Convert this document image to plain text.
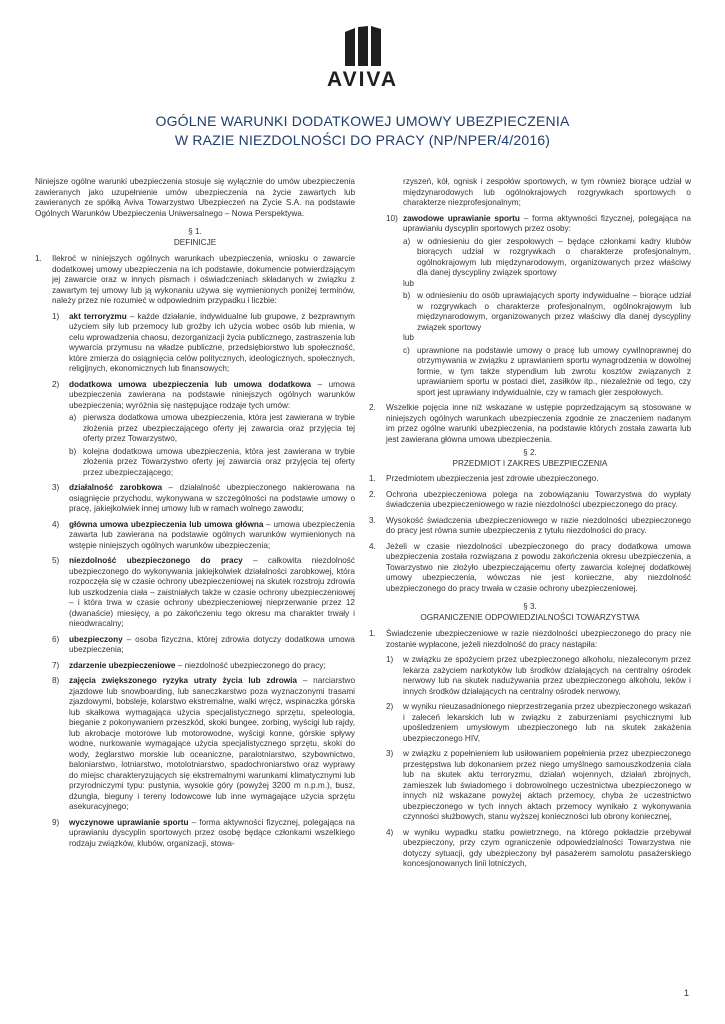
AVIVA
OGÓLNE WARUNKI DODATKOWEJ UMOWY UBEZPIECZENIA
W RAZIE NIEZDOLNOŚCI DO PRACY (NP/NPER/4/2016)

Niniejsze ogólne warunki ubezpieczenia stosuje się wyłącznie do umów ubezpieczenia zawieranych jako uzupełnienie umów ubezpieczenia na życie zawartych lub zawieranych ze spółką Aviva Towarzystwo Ubezpieczeń na Życie S.A. na podstawie Ogólnych Warunków Ubezpieczenia Uniwersalnego – Nowa Perspektywa.

§ 1.
DEFINICJE
1. Ilekroć w niniejszych ogólnych warunkach ubezpieczenia, wniosku o zawarcie dodatkowej umowy ubezpieczenia na ich podstawie, dokumencie potwierdzającym jej zawarcie oraz w innych pismach i oświadczeniach składanych w związku z zawartym tej umowy lub ją wykonaniu używa się wymienionych poniżej terminów, należy przez nie rozumieć w odpowiednim przypadku i liczbie:

1) akt terroryzmu – każde działanie, indywidualne lub grupowe, z bezprawnym użyciem siły lub przemocy lub groźby ich użycia wobec osób lub mienia, w celu wprowadzenia chaosu, dezorganizacji życia publicznego, zastraszenia lub wywarcia przymusu na władze publiczne, przedsiębiorstwo lub społeczność, które zmierza do osiągnięcia celów politycznych, ideologicznych, społecznych, religijnych, ekonomicznych lub finansowych;

2) dodatkowa umowa ubezpieczenia lub umowa dodatkowa – umowa ubezpieczenia zawierana na podstawie niniejszych ogólnych warunków ubezpieczenia; wyróżnia się następujące rodzaje tych umów:

a) pierwsza dodatkowa umowa ubezpieczenia, która jest zawierana w trybie złożenia przez ubezpieczającego oferty jej zawarcia oraz przyjęcia tej oferty przez Towarzystwo,

b) kolejna dodatkowa umowa ubezpieczenia, która jest zawierana w trybie złożenia przez Towarzystwo oferty jej zawarcia oraz przyjęcia tej oferty przez ubezpieczającego;

3) działalność zarobkowa – działalność ubezpieczonego nakierowana na osiągnięcie przychodu, wykonywana w szczególności na podstawie umowy o pracę, jakiejkolwiek innej umowy lub w ramach wolnego zawodu;

4) główna umowa ubezpieczenia lub umowa główna – umowa ubezpieczenia zawarta lub zawierana na podstawie ogólnych warunków wymienionych na wstępie niniejszych ogólnych warunków ubezpieczenia;

5) niezdolność ubezpieczonego do pracy – całkowita niezdolność ubezpieczonego do wykonywania jakiejkolwiek działalności zarobkowej, która rozpoczęła się w czasie ochrony ubezpieczeniowej na skutek rozstroju zdrowia lub uszkodzenia ciała – zaistniałych także w czasie ochrony ubezpieczeniowej – i która trwa w czasie ochrony ubezpieczeniowej nieprzerwanie przez 12 (dwanaście) miesięcy, a po zakończeniu tego okresu ma charakter trwały i nieodwracalny;

6) ubezpieczony – osoba fizyczna, której zdrowia dotyczy dodatkowa umowa ubezpieczenia;

7) zdarzenie ubezpieczeniowe – niezdolność ubezpieczonego do pracy;

8) zajęcia zwiększonego ryzyka utraty życia lub zdrowia – narciarstwo zjazdowe lub snowboarding, lub saneczkarstwo poza wyznaczonymi trasami zjazdowymi, bobsleje, kolarstwo ekstremalne, walki wręcz, wspinaczka górska lub skałkowa wymagająca użycia specjalistycznego sprzętu, speleologia, bieganie z pokonywaniem przeszkód, skoki bungee, zorbing, wyścigi lub rajdy, lub akrobacje motorowe lub motorowodne, wyścigi konne, górskie spływy wodne, nurkowanie wymagające użycia specjalistycznego sprzętu, skoki do wody, żeglarstwo morskie lub oceaniczne, paralotniarstwo, szybownictwo, baloniarstwo, lotniarstwo, motolotniarstwo, spadochroniarstwo oraz wyprawy do miejsc charakteryzujących się ekstremalnymi warunkami klimatycznymi lub przyrodniczymi typu: pustynia, wysokie góry (powyżej 3200 m n.p.m.), busz, dżungla, bieguny i tereny lodowcowe lub inne wymagające użycia sprzętu asekuracyjnego;

9) wyczynowe uprawianie sportu – forma aktywności fizycznej, polegająca na uprawianiu dyscyplin sportowych przez osobę będące członkami wszelkiego rodzaju związków, klubów, organizacji, stowa-

rzyszeń, kół, ognisk i zespołów sportowych, w tym również biorące udział w międzynarodowych lub ogólnokrajowych rozgrywkach sportowych o charakterze niezprofesjonalnym;

10) zawodowe uprawianie sportu – forma aktywności fizycznej, polegająca na uprawianiu dyscyplin sportowych przez osoby:

a) w odniesieniu do gier zespołowych – będące członkami kadry klubów biorących udział w rozgrywkach o charakterze profesjonalnym, ogólnokrajowym lub międzynarodowym, organizowanych przez właściwy dla danej dyscypliny związek sportowy

lub
b) w odniesieniu do osób uprawiających sporty indywidualne – biorące udział w rozgrywkach o charakterze profesjonalnym, ogólnokrajowym lub międzynarodowym, organizowanych przez właściwy dla danej dyscypliny związek sportowy

lub
c) uprawnione na podstawie umowy o pracę lub umowy cywilnoprawnej do otrzymywania w związku z uprawianiem sportu wynagrodzenia w dowolnej formie, w tym także stypendium lub zwrotu kosztów związanych z uprawianiem sportu w postaci diet, zasiłków itp., niezależnie od tego, czy sport jest uprawiany indywidualnie, czy w ramach gier zespołowych.

2. Wszelkie pojęcia inne niż wskazane w ustępie poprzedzającym są stosowane w niniejszych ogólnych warunkach ubezpieczenia zgodnie ze znaczeniem nadanym im przez ogólne warunki ubezpieczenia, na podstawie których została zawarta lub jest zawierana główna umowa ubezpieczenia.

§ 2.
PRZEDMIOT I ZAKRES UBEZPIECZENIA
1. Przedmiotem ubezpieczenia jest zdrowie ubezpieczonego.

2. Ochrona ubezpieczeniowa polega na zobowiązaniu Towarzystwa do wypłaty świadczenia ubezpieczeniowego w razie niezdolności ubezpieczonego do pracy.

3. Wysokość świadczenia ubezpieczeniowego w razie niezdolności ubezpieczonego do pracy jest równa sumie ubezpieczenia z tytułu niezdolności do pracy.

4. Jeżeli w czasie niezdolności ubezpieczonego do pracy dodatkowa umowa ubezpieczenia została rozwiązana z powodu zakończenia okresu ubezpieczenia, a Towarzystwo nie złożyło ubezpieczającemu oferty zawarcia kolejnej dodatkowej umowy ubezpieczenia, wówczas nie jest konieczne, aby niezdolność ubezpieczonego do pracy trwała w czasie ochrony ubezpieczeniowej.

§ 3.
OGRANICZENIE ODPOWIEDZIALNOŚCI TOWARZYSTWA
1. Świadczenie ubezpieczeniowe w razie niezdolności ubezpieczonego do pracy nie zostanie wypłacone, jeżeli niezdolność do pracy nastąpiła:

1) w związku ze spożyciem przez ubezpieczonego alkoholu, niezaleconym przez lekarza zażyciem narkotyków lub środków działających na centralny ośrodek nerwowy lub na skutek nadużywania przez ubezpieczonego alkoholu, leków i innych środków działających na centralny ośrodek nerwowy,

2) w wyniku nieuzasadnionego nieprzestrzegania przez ubezpieczonego wskazań i zaleceń lekarskich lub w związku z zaburzeniami psychicznymi lub upośledzeniem umysłowym ubezpieczonego lub na skutek zakażenia ubezpieczonego HIV,

3) w związku z popełnieniem lub usiłowaniem popełnienia przez ubezpieczonego przestępstwa lub dokonaniem przez niego umyślnego samouszkodzenia ciała lub na skutek aktu terroryzmu, działań wojennych, działań zbrojnych, zamieszek lub świadomego i dobrowolnego uczestnictwa ubezpieczonego w innych niż wskazane powyżej aktach przemocy, chyba że uczestnictwo ubezpieczonego w tych innych aktach przemocy wynikało z wykonywania czynności służbowych, stanu wyższej konieczności lub obrony koniecznej,

4) w wyniku wypadku statku powietrznego, na którego pokładzie przebywał ubezpieczony, przy czym ograniczenie odpowiedzialności Towarzystwa nie dotyczy sytuacji, gdy ubezpieczony był pasażerem samolotu pasażerskiego koncesjonowanych linii lotniczych,

1
